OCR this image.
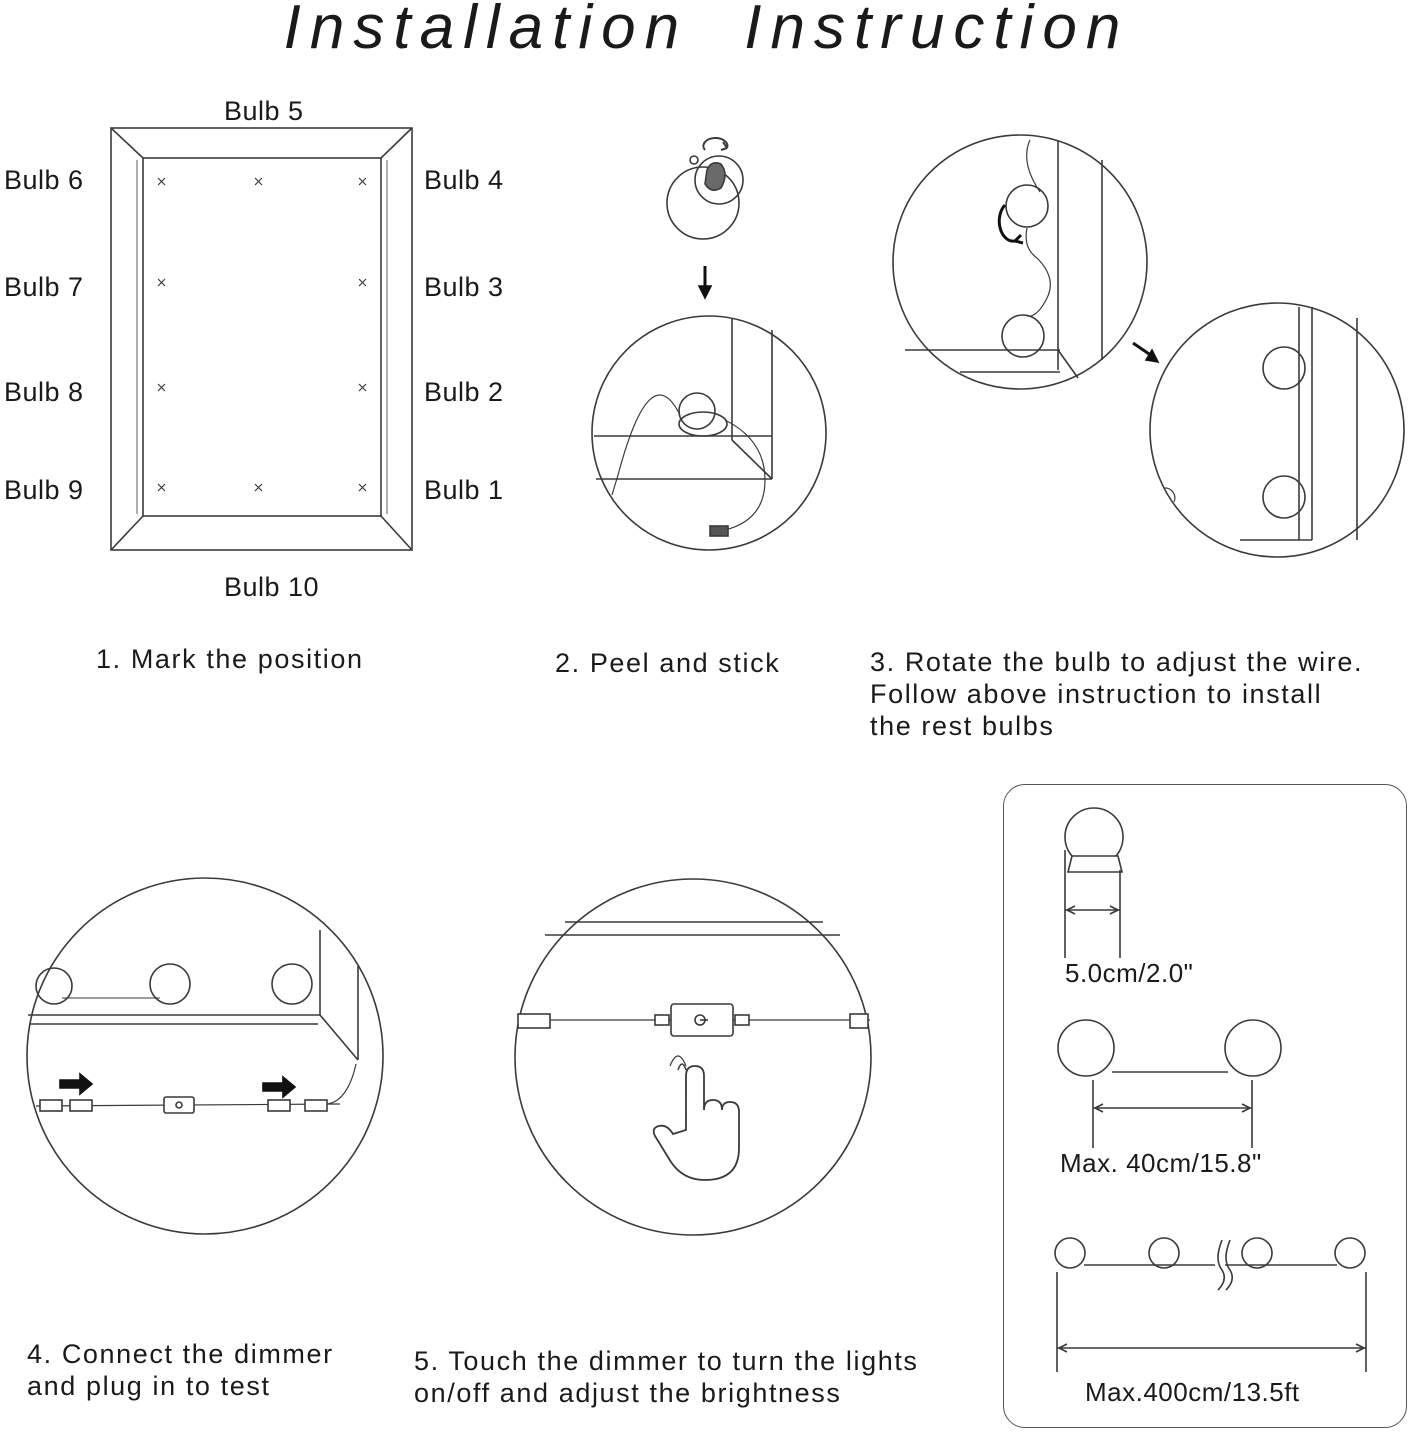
Installation Instruction
Bulb 5
Bulb 10
Bulb 6
Bulb 7
Bulb 8
Bulb 9
Bulb 4
Bulb 3
Bulb 2
Bulb 1
1. Mark the position	2. Peel and stick	3. Rotate the bulb to adjust the wire.
Follow above instruction to install
the rest bulbs
4. Connect the dimmer
and plug in to test
5. Touch the dimmer to turn the lights
on/off and adjust the brightness
5.0cm/2.0"
Max. 40cm/15.8"
Max.400cm/13.5ft
